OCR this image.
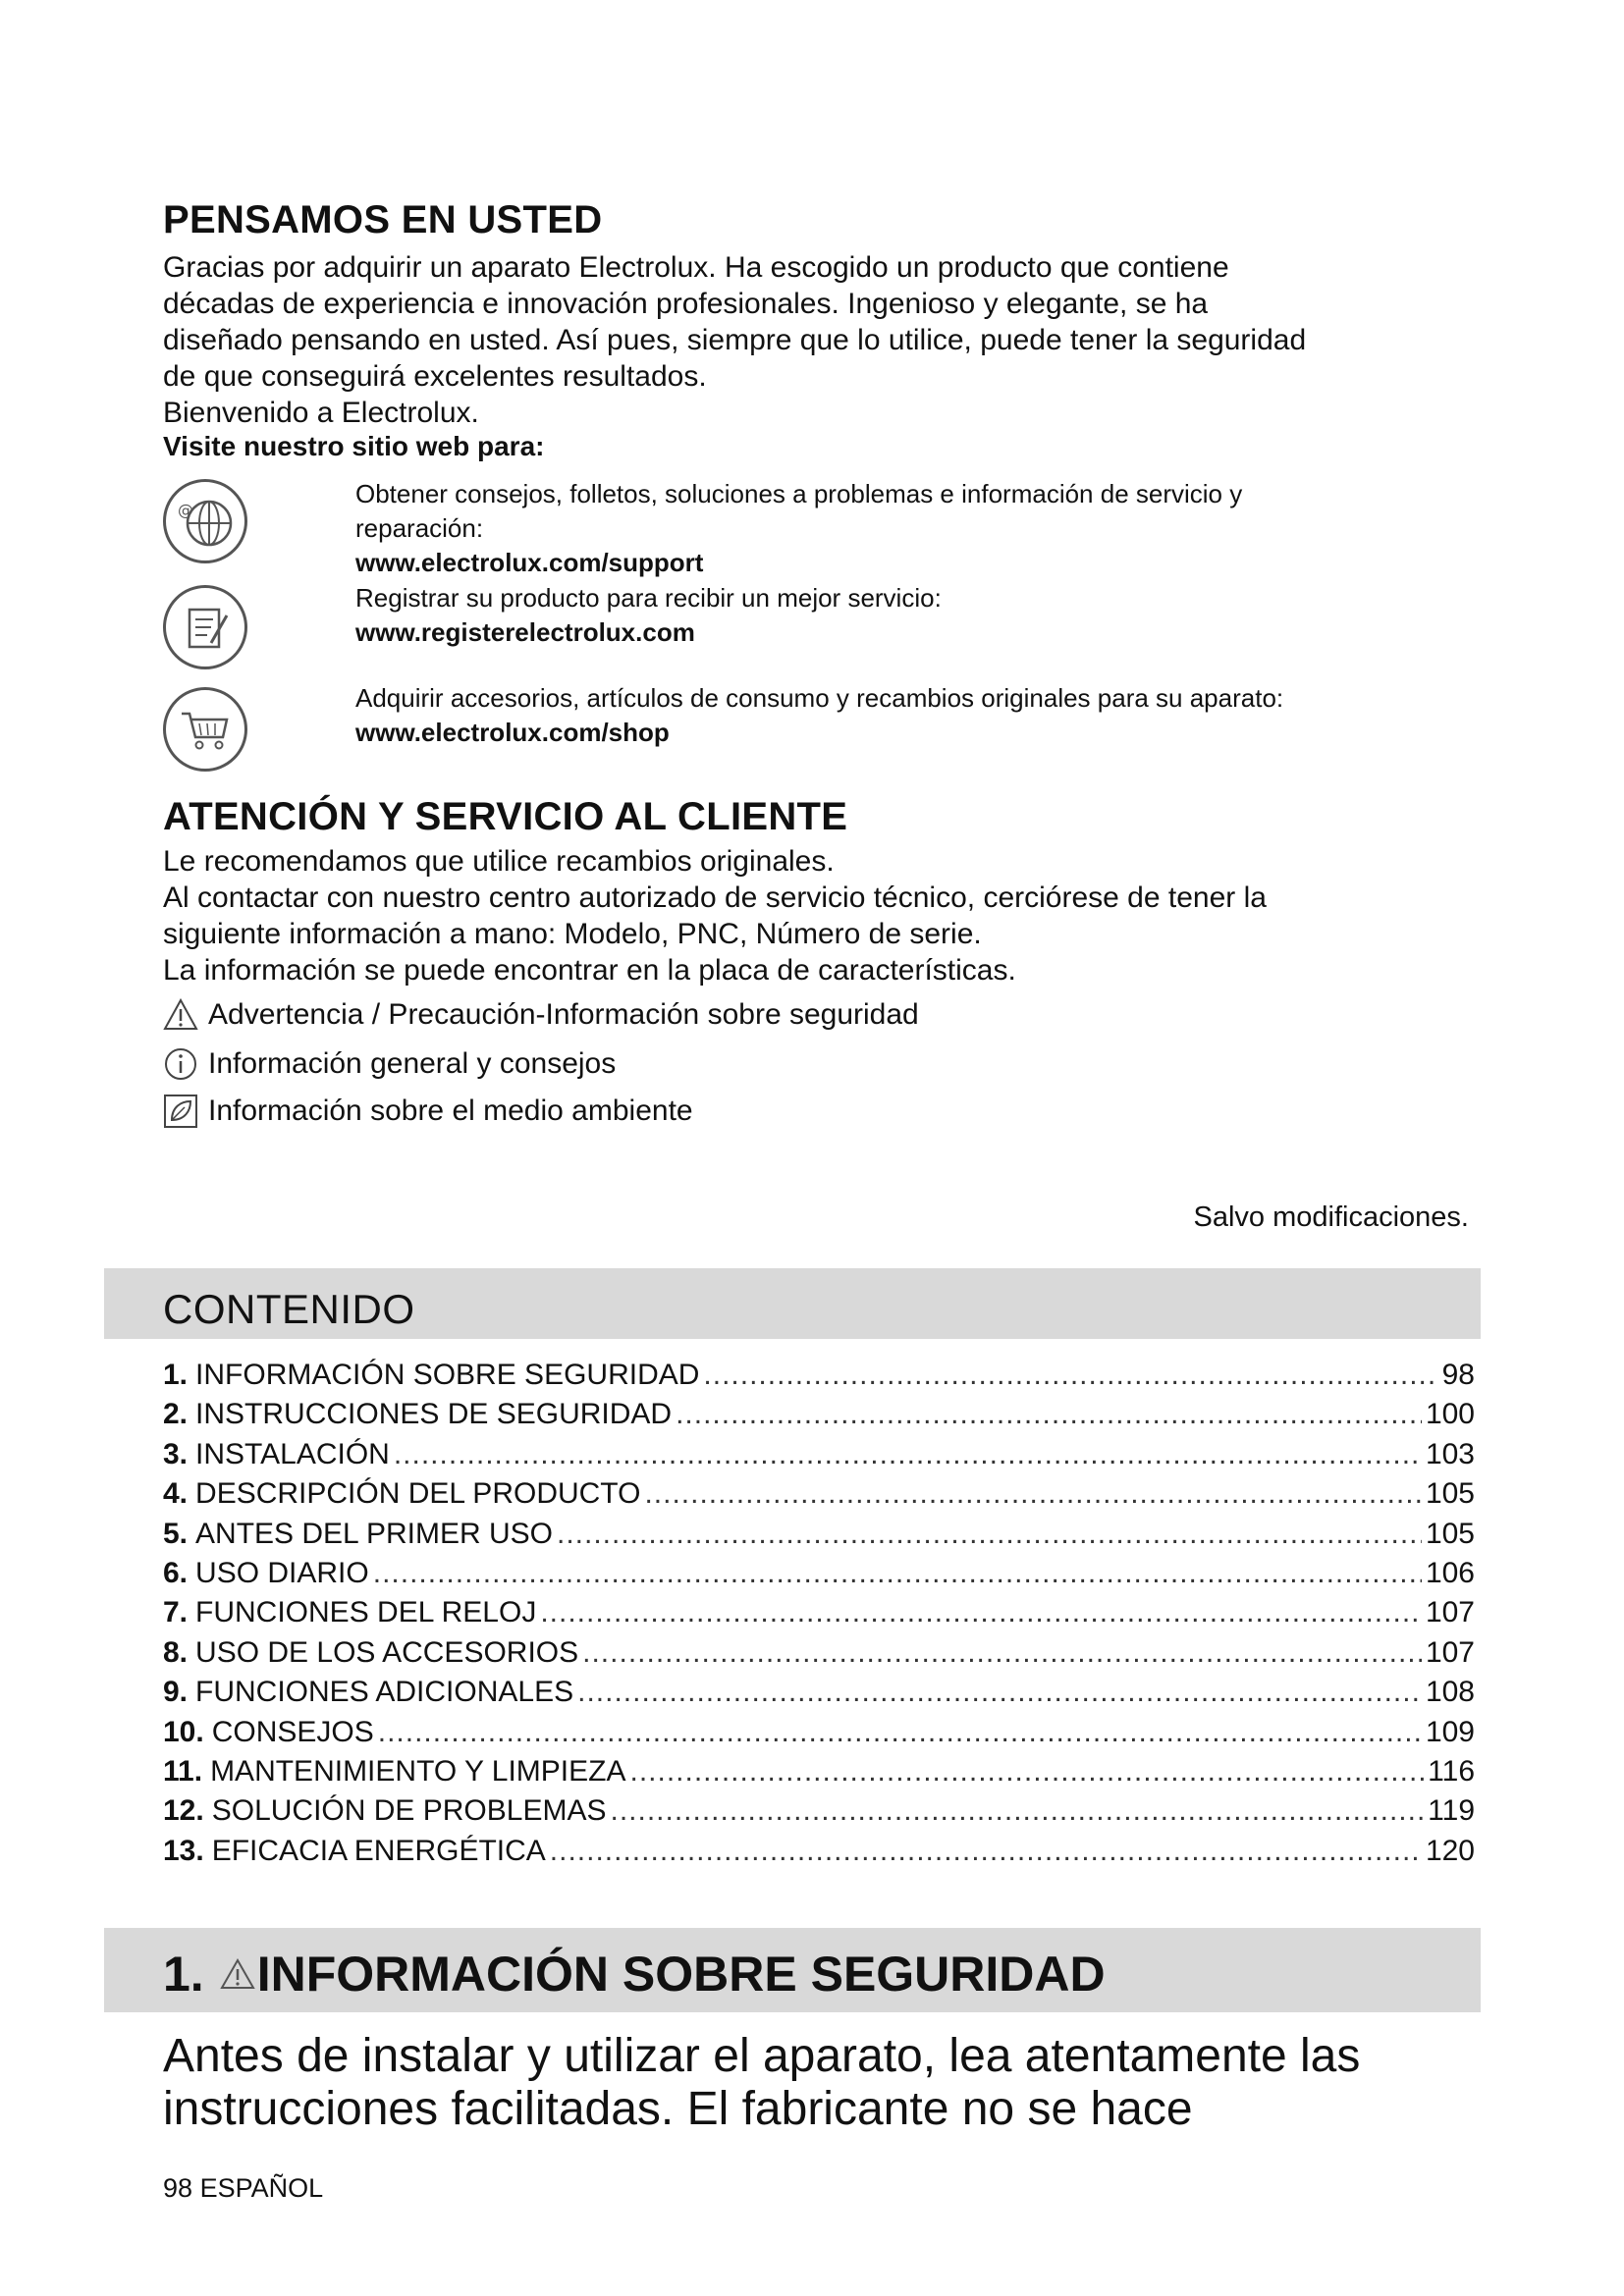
PENSAMOS EN USTED
Gracias por adquirir un aparato Electrolux. Ha escogido un producto que contiene
décadas de experiencia e innovación profesionales. Ingenioso y elegante, se ha
diseñado pensando en usted. Así pues, siempre que lo utilice, puede tener la seguridad
de que conseguirá excelentes resultados.
Bienvenido a Electrolux.
Visite nuestro sitio web para:
@
Obtener consejos, folletos, soluciones a problemas e información de servicio y
reparación:
www.electrolux.com/support
Registrar su producto para recibir un mejor servicio:
www.registerelectrolux.com
Adquirir accesorios, artículos de consumo y recambios originales para su aparato:
www.electrolux.com/shop
ATENCIÓN Y SERVICIO AL CLIENTE
Le recomendamos que utilice recambios originales.
Al contactar con nuestro centro autorizado de servicio técnico, cerciórese de tener la
siguiente información a mano: Modelo, PNC, Número de serie.
La información se puede encontrar en la placa de características.
Advertencia / Precaución-Información sobre seguridad
Información general y consejos
Información sobre el medio ambiente
Salvo modificaciones.
CONTENIDO
1. INFORMACIÓN SOBRE SEGURIDAD .....	98
2. INSTRUCCIONES DE SEGURIDAD .....	100
3. INSTALACIÓN .....	103
4. DESCRIPCIÓN DEL PRODUCTO .....	105
5. ANTES DEL PRIMER USO .....	105
6. USO DIARIO .....	106
7. FUNCIONES DEL RELOJ .....	107
8. USO DE LOS ACCESORIOS .....	107
9. FUNCIONES ADICIONALES .....	108
10. CONSEJOS .....	109
11. MANTENIMIENTO Y LIMPIEZA .....	116
12. SOLUCIÓN DE PROBLEMAS .....	119
13. EFICACIA ENERGÉTICA .....	120
1. INFORMACIÓN SOBRE SEGURIDAD
Antes de instalar y utilizar el aparato, lea atentamente las
instrucciones facilitadas. El fabricante no se hace
98 ESPAÑOL
